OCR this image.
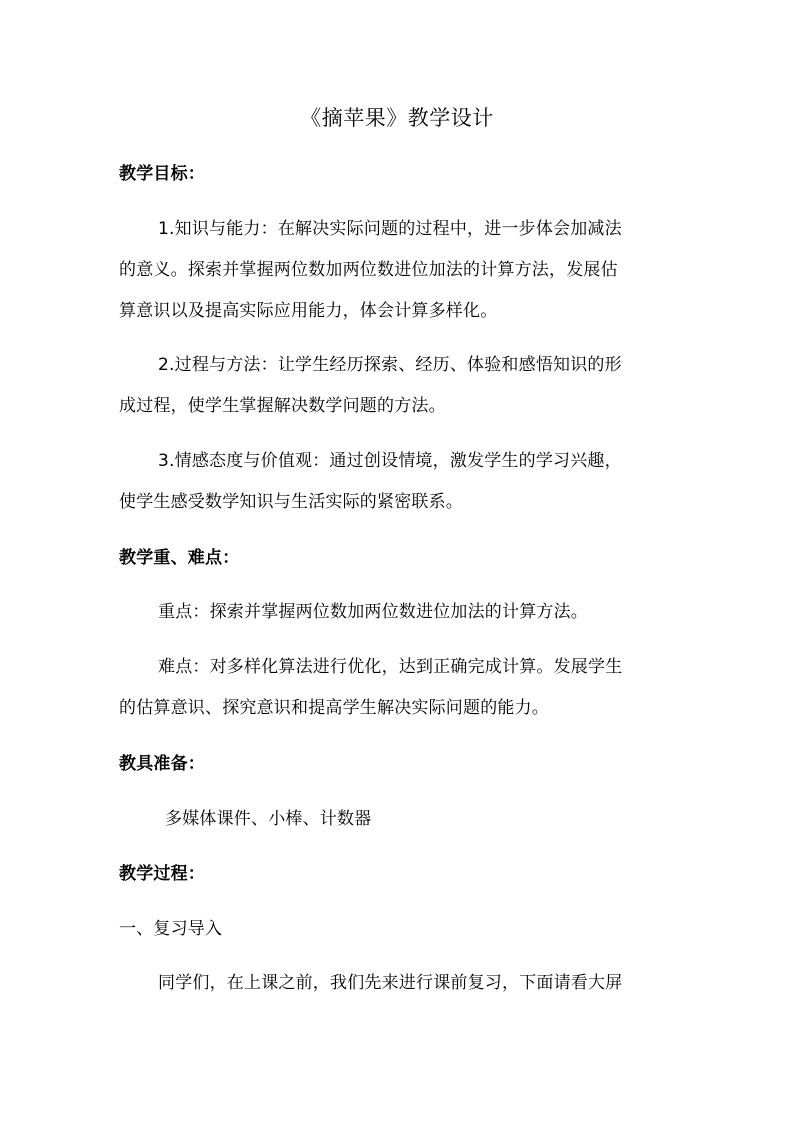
《摘苹果》教学设计
教学目标：
1.知识与能力：在解决实际问题的过程中，进一步体会加减法
的意义。探索并掌握两位数加两位数进位加法的计算方法，发展估
算意识以及提高实际应用能力，体会计算多样化。
2.过程与方法：让学生经历探索、经历、体验和感悟知识的形
成过程，使学生掌握解决数学问题的方法。
3.情感态度与价值观：通过创设情境，激发学生的学习兴趣，
使学生感受数学知识与生活实际的紧密联系。
教学重、难点：
重点：探索并掌握两位数加两位数进位加法的计算方法。
难点：对多样化算法进行优化，达到正确完成计算。发展学生
的估算意识、探究意识和提高学生解决实际问题的能力。
教具准备：
多媒体课件、小棒、计数器
教学过程：
一、复习导入
同学们，在上课之前，我们先来进行课前复习，下面请看大屏
